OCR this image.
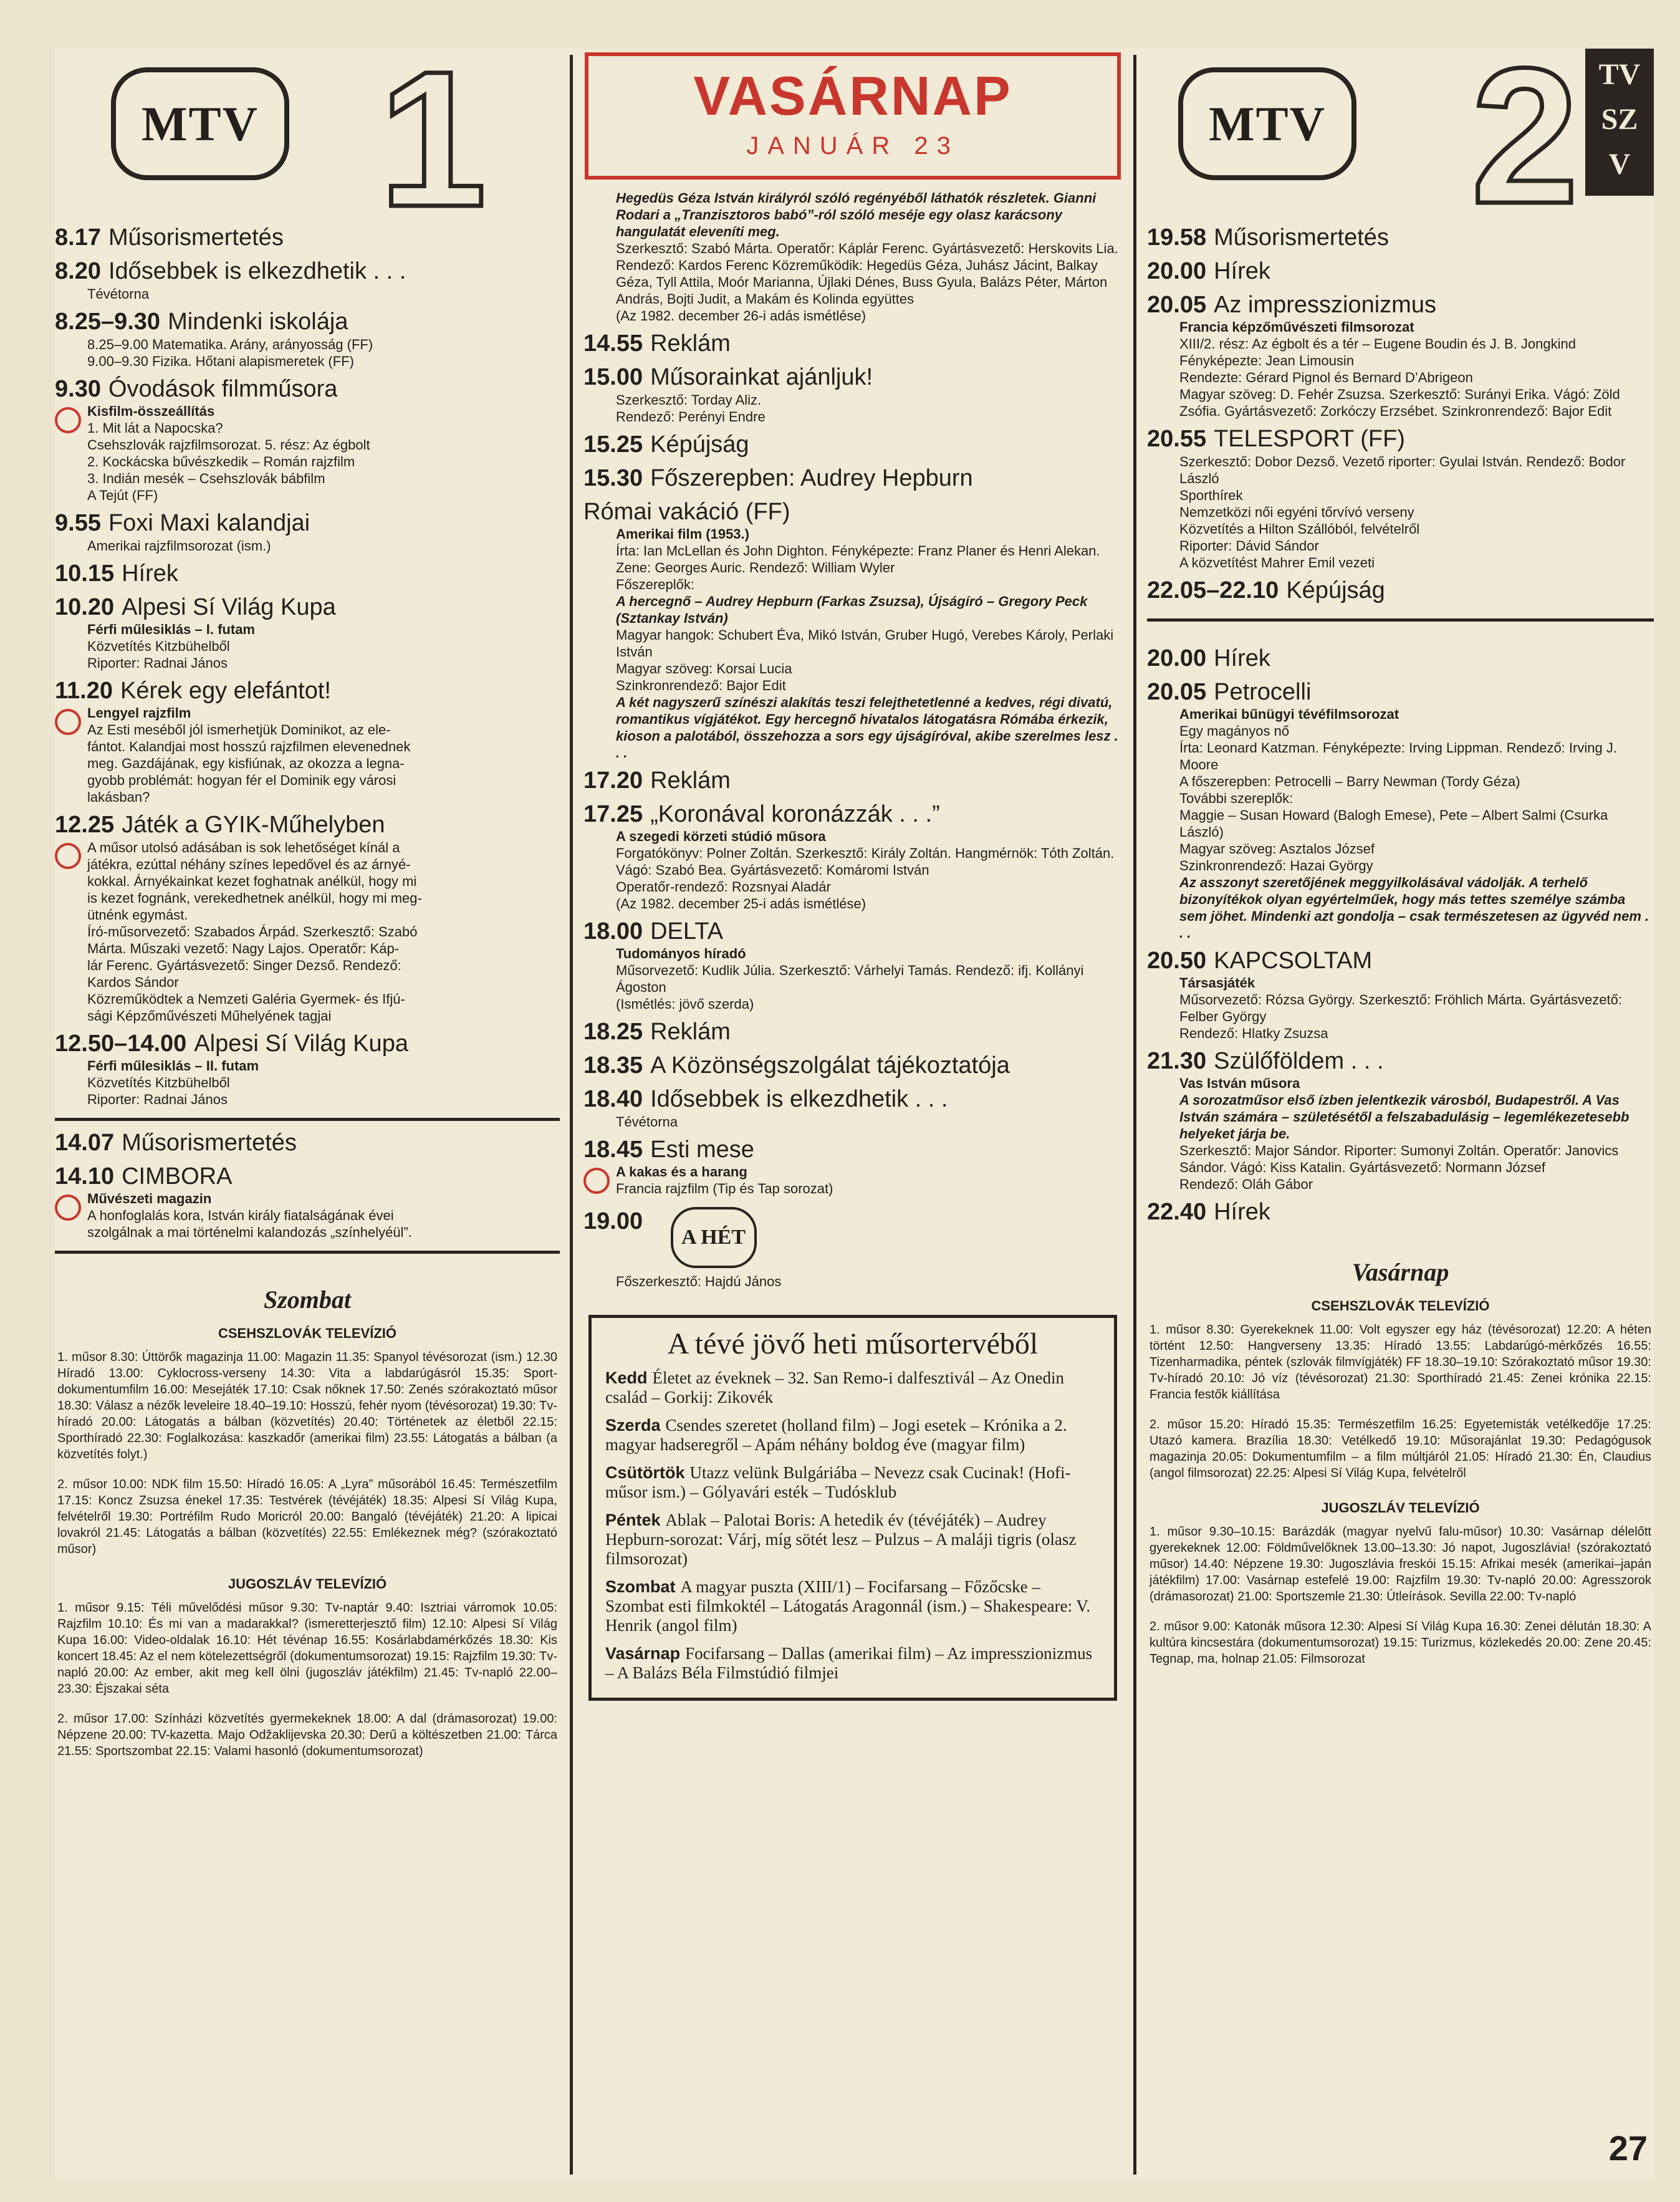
MTV 1
8.17 Műsorismertetés
8.20 Idősebbek is elkezdhetik . . .
Tévétorna
8.25–9.30 Mindenki iskolája
8.25–9.00 Matematika. Arány, arányosság (FF)
9.00–9.30 Fizika. Hőtani alapismeretek (FF)
9.30 Óvodások filmműsora
Kisfilm-összeállítás
1. Mit lát a Napocska?
Csehszlovák rajzfilmsorozat. 5. rész: Az égbolt
2. Kockácska bűvészkedik – Román rajzfilm
3. Indián mesék – Csehszlovák bábfilm
A Tejút (FF)
9.55 Foxi Maxi kalandjai
Amerikai rajzfilmsorozat (ism.)
10.15 Hírek
10.20 Alpesi Sí Világ Kupa
Férfi műlesiklás – I. futam
Közvetítés Kitzbühelből
Riporter: Radnai János
11.20 Kérek egy elefántot!
Lengyel rajzfilm
Az Esti meséből jól ismerhetjük Dominikot, az ele-
fántot. Kalandjai most hosszú rajzfilmen elevenednek
meg. Gazdájának, egy kisfiúnak, az okozza a legna-
gyobb problémát: hogyan fér el Dominik egy városi
lakásban?
12.25 Játék a GYIK-Műhelyben
A műsor utolsó adásában is sok lehetőséget kínál a
játékra, ezúttal néhány színes lepedővel és az árnyé-
kokkal. Árnyékainkat kezet foghatnak anélkül, hogy mi
is kezet fognánk, verekedhetnek anélkül, hogy mi meg-
ütnénk egymást.
Író-műsorvezető: Szabados Árpád. Szerkesztő: Szabó
Márta. Műszaki vezető: Nagy Lajos. Operatőr: Káp-
lár Ferenc. Gyártásvezető: Singer Dezső. Rendező:
Kardos Sándor
Közreműködtek a Nemzeti Galéria Gyermek- és Ifjú-
sági Képzőművészeti Műhelyének tagjai
12.50–14.00 Alpesi Sí Világ Kupa
Férfi műlesiklás – II. futam
Közvetítés Kitzbühelből
Riporter: Radnai János
14.07 Műsorismertetés
14.10 CIMBORA
Művészeti magazin
A honfoglalás kora, István király fiatalságának évei
szolgálnak a mai történelmi kalandozás „színhelyéül”.
Szombat
CSEHSZLOVÁK TELEVÍZIÓ
1. műsor 8.30: Úttörők magazinja 11.00: Magazin 11.35: Spanyol tévésorozat (ism.) 12.30 Híradó 13.00: Cyklocross-verseny 14.30: Vita a labdarúgásról 15.35: Sport-dokumentumfilm 16.00: Mesejáték 17.10: Csak nőknek 17.50: Zenés szórakoztató műsor 18.30: Válasz a nézők leveleire 18.40–19.10: Hosszú, fehér nyom (tévésorozat) 19.30: Tv-híradó 20.00: Látogatás a bálban (közvetítés) 20.40: Történetek az életből 22.15: Sporthíradó 22.30: Foglalkozása: kaszkadőr (amerikai film) 23.55: Látogatás a bálban (a közvetítés folyt.)
2. műsor 10.00: NDK film 15.50: Híradó 16.05: A „Lyra” műsorából 16.45: Természetfilm 17.15: Koncz Zsuzsa énekel 17.35: Testvérek (tévéjáték) 18.35: Alpesi Sí Világ Kupa, felvételről 19.30: Portréfilm Rudo Moricról 20.00: Bangaló (tévéjáték) 21.20: A lipicai lovakról 21.45: Látogatás a bálban (közvetítés) 22.55: Emlékeznek még? (szórakoztató műsor)
JUGOSZLÁV TELEVÍZIÓ
1. műsor 9.15: Téli művelődési műsor 9.30: Tv-naptár 9.40: Isztriai várromok 10.05: Rajzfilm 10.10: És mi van a madarakkal? (ismeretterjesztő film) 12.10: Alpesi Sí Világ Kupa 16.00: Video-oldalak 16.10: Hét tévénap 16.55: Kosárlabdamérkőzés 18.30: Kis koncert 18.45: Az el nem kötelezettségről (dokumentumsorozat) 19.15: Rajzfilm 19.30: Tv-napló 20.00: Az ember, akit meg kell ölni (jugoszláv játékfilm) 21.45: Tv-napló 22.00–23.30: Éjszakai séta
2. műsor 17.00: Színházi közvetítés gyermekeknek 18.00: A dal (drámasorozat) 19.00: Népzene 20.00: TV-kazetta. Majo Odžaklijevska 20.30: Derű a költészetben 21.00: Tárca 21.55: Sportszombat 22.15: Valami hasonló (dokumentumsorozat)
VASÁRNAP
JANUÁR 23
Hegedüs Géza István királyról szóló regényéből láthatók részletek. Gianni Rodari a „Tranzisztoros babó”-ról szóló meséje egy olasz karácsony hangulatát eleveníti meg.
Szerkesztő: Szabó Márta. Operatőr: Káplár Ferenc. Gyártásvezető: Herskovits Lia. Rendező: Kardos Ferenc Közreműködik: Hegedüs Géza, Juhász Jácint, Balkay Géza, Tyll Attila, Moór Marianna, Újlaki Dénes, Buss Gyula, Balázs Péter, Márton András, Bojti Judit, a Makám és Kolinda együttes
(Az 1982. december 26-i adás ismétlése)
14.55 Reklám
15.00 Műsorainkat ajánljuk!
Szerkesztő: Torday Aliz.
Rendező: Perényi Endre
15.25 Képújság
15.30 Főszerepben: Audrey Hepburn
Római vakáció (FF)
Amerikai film (1953.)
Írta: Ian McLellan és John Dighton. Fényképezte: Franz Planer és Henri Alekan. Zene: Georges Auric. Rendező: William Wyler
Főszereplők:
A hercegnő – Audrey Hepburn (Farkas Zsuzsa), Újságíró – Gregory Peck (Sztankay István)
Magyar hangok: Schubert Éva, Mikó István, Gruber Hugó, Verebes Károly, Perlaki István
Magyar szöveg: Korsai Lucia
Szinkronrendező: Bajor Edit
A két nagyszerű színészi alakítás teszi felejthetetlenné a kedves, régi divatú, romantikus vígjátékot. Egy hercegnő hivatalos látogatásra Rómába érkezik, kioson a palotából, összehozza a sors egy újságíróval, akibe szerelmes lesz . . .
17.20 Reklám
17.25 „Koronával koronázzák . . .”
A szegedi körzeti stúdió műsora
Forgatókönyv: Polner Zoltán. Szerkesztő: Király Zoltán. Hangmérnök: Tóth Zoltán. Vágó: Szabó Bea. Gyártásvezető: Komáromi István
Operatőr-rendező: Rozsnyai Aladár
(Az 1982. december 25-i adás ismétlése)
18.00 DELTA
Tudományos híradó
Műsorvezető: Kudlik Júlia. Szerkesztő: Várhelyi Tamás. Rendező: ifj. Kollányi Ágoston
(Ismétlés: jövő szerda)
18.25 Reklám
18.35 A Közönségszolgálat tájékoztatója
18.40 Idősebbek is elkezdhetik . . .
Tévétorna
18.45 Esti mese
A kakas és a harang
Francia rajzfilm (Tip és Tap sorozat)
19.00 A HÉT
Főszerkesztő: Hajdú János
A tévé jövő heti műsortervéből
Kedd Életet az éveknek – 32. San Remo-i dalfesztivál – Az Onedin család – Gorkij: Zikovék
Szerda Csendes szeretet (holland film) – Jogi esetek – Krónika a 2. magyar hadseregről – Apám néhány boldog éve (magyar film)
Csütörtök Utazz velünk Bulgáriába – Nevezz csak Cucinak! (Hofi-műsor ism.) – Gólyavári esték – Tudósklub
Péntek Ablak – Palotai Boris: A hetedik év (tévéjáték) – Audrey Hepburn-sorozat: Várj, míg sötét lesz – Pulzus – A maláji tigris (olasz filmsorozat)
Szombat A magyar puszta (XIII/1) – Focifarsang – Főzőcske – Szombat esti filmkoktél – Látogatás Aragonnál (ism.) – Shakespeare: V. Henrik (angol film)
Vasárnap Focifarsang – Dallas (amerikai film) – Az impresszionizmus – A Balázs Béla Filmstúdió filmjei
MTV 2 TV
SZ
V
19.58 Műsorismertetés
20.00 Hírek
20.05 Az impresszionizmus
Francia képzőművészeti filmsorozat
XIII/2. rész: Az égbolt és a tér – Eugene Boudin és J. B. Jongkind
Fényképezte: Jean Limousin
Rendezte: Gérard Pignol és Bernard D’Abrigeon
Magyar szöveg: D. Fehér Zsuzsa. Szerkesztő: Surányi Erika. Vágó: Zöld Zsófia. Gyártásvezető: Zorkóczy Erzsébet. Szinkronrendező: Bajor Edit
20.55 TELESPORT (FF)
Szerkesztő: Dobor Dezső. Vezető riporter: Gyulai István. Rendező: Bodor László
Sporthírek
Nemzetközi női egyéni tőrvívó verseny
Közvetítés a Hilton Szállóból, felvételről
Riporter: Dávid Sándor
A közvetítést Mahrer Emil vezeti
22.05–22.10 Képújság
20.00 Hírek
20.05 Petrocelli
Amerikai bűnügyi tévéfilmsorozat
Egy magányos nő
Írta: Leonard Katzman. Fényképezte: Irving Lippman. Rendező: Irving J. Moore
A főszerepben: Petrocelli – Barry Newman (Tordy Géza)
További szereplők:
Maggie – Susan Howard (Balogh Emese), Pete – Albert Salmi (Csurka László)
Magyar szöveg: Asztalos József
Szinkronrendező: Hazai György
Az asszonyt szeretőjének meggyilkolásával vádolják. A terhelő bizonyítékok olyan egyértelműek, hogy más tettes személye számba sem jöhet. Mindenki azt gondolja – csak természetesen az ügyvéd nem . . .
20.50 KAPCSOLTAM
Társasjáték
Műsorvezető: Rózsa György. Szerkesztő: Fröhlich Márta. Gyártásvezető: Felber György
Rendező: Hlatky Zsuzsa
21.30 Szülőföldem . . .
Vas István műsora
A sorozatműsor első ízben jelentkezik városból, Budapestről. A Vas István számára – születésétől a felszabadulásig – legemlékezetesebb helyeket járja be.
Szerkesztő: Major Sándor. Riporter: Sumonyi Zoltán. Operatőr: Janovics Sándor. Vágó: Kiss Katalin. Gyártásvezető: Normann József
Rendező: Oláh Gábor
22.40 Hírek
Vasárnap
CSEHSZLOVÁK TELEVÍZIÓ
1. műsor 8.30: Gyerekeknek 11.00: Volt egyszer egy ház (tévésorozat) 12.20: A héten történt 12.50: Hangverseny 13.35: Híradó 13.55: Labdarúgó-mérkőzés 16.55: Tizenharmadika, péntek (szlovák filmvígjáték) FF 18.30–19.10: Szórakoztató műsor 19.30: Tv-híradó 20.10: Jó víz (tévésorozat) 21.30: Sporthíradó 21.45: Zenei krónika 22.15: Francia festők kiállítása
2. műsor 15.20: Híradó 15.35: Természetfilm 16.25: Egyetemisták vetélkedője 17.25: Utazó kamera. Brazília 18.30: Vetélkedő 19.10: Műsorajánlat 19.30: Pedagógusok magazinja 20.05: Dokumentumfilm – a film múltjáról 21.05: Híradó 21.30: Én, Claudius (angol filmsorozat) 22.25: Alpesi Sí Világ Kupa, felvételről
JUGOSZLÁV TELEVÍZIÓ
1. műsor 9.30–10.15: Barázdák (magyar nyelvű falu-műsor) 10.30: Vasárnap délelőtt gyerekeknek 12.00: Földművelőknek 13.00–13.30: Jó napot, Jugoszlávia! (szórakoztató műsor) 14.40: Népzene 19.30: Jugoszlávia freskói 15.15: Afrikai mesék (amerikai–japán játékfilm) 17.00: Vasárnap estefelé 19.00: Rajzfilm 19.30: Tv-napló 20.00: Agresszorok (drámasorozat) 21.00: Sportszemle 21.30: Útleírások. Sevilla 22.00: Tv-napló
2. műsor 9.00: Katonák műsora 12.30: Alpesi Sí Világ Kupa 16.30: Zenei délután 18.30: A kultúra kincsestára (dokumentumsorozat) 19.15: Turizmus, közlekedés 20.00: Zene 20.45: Tegnap, ma, holnap 21.05: Filmsorozat
27
